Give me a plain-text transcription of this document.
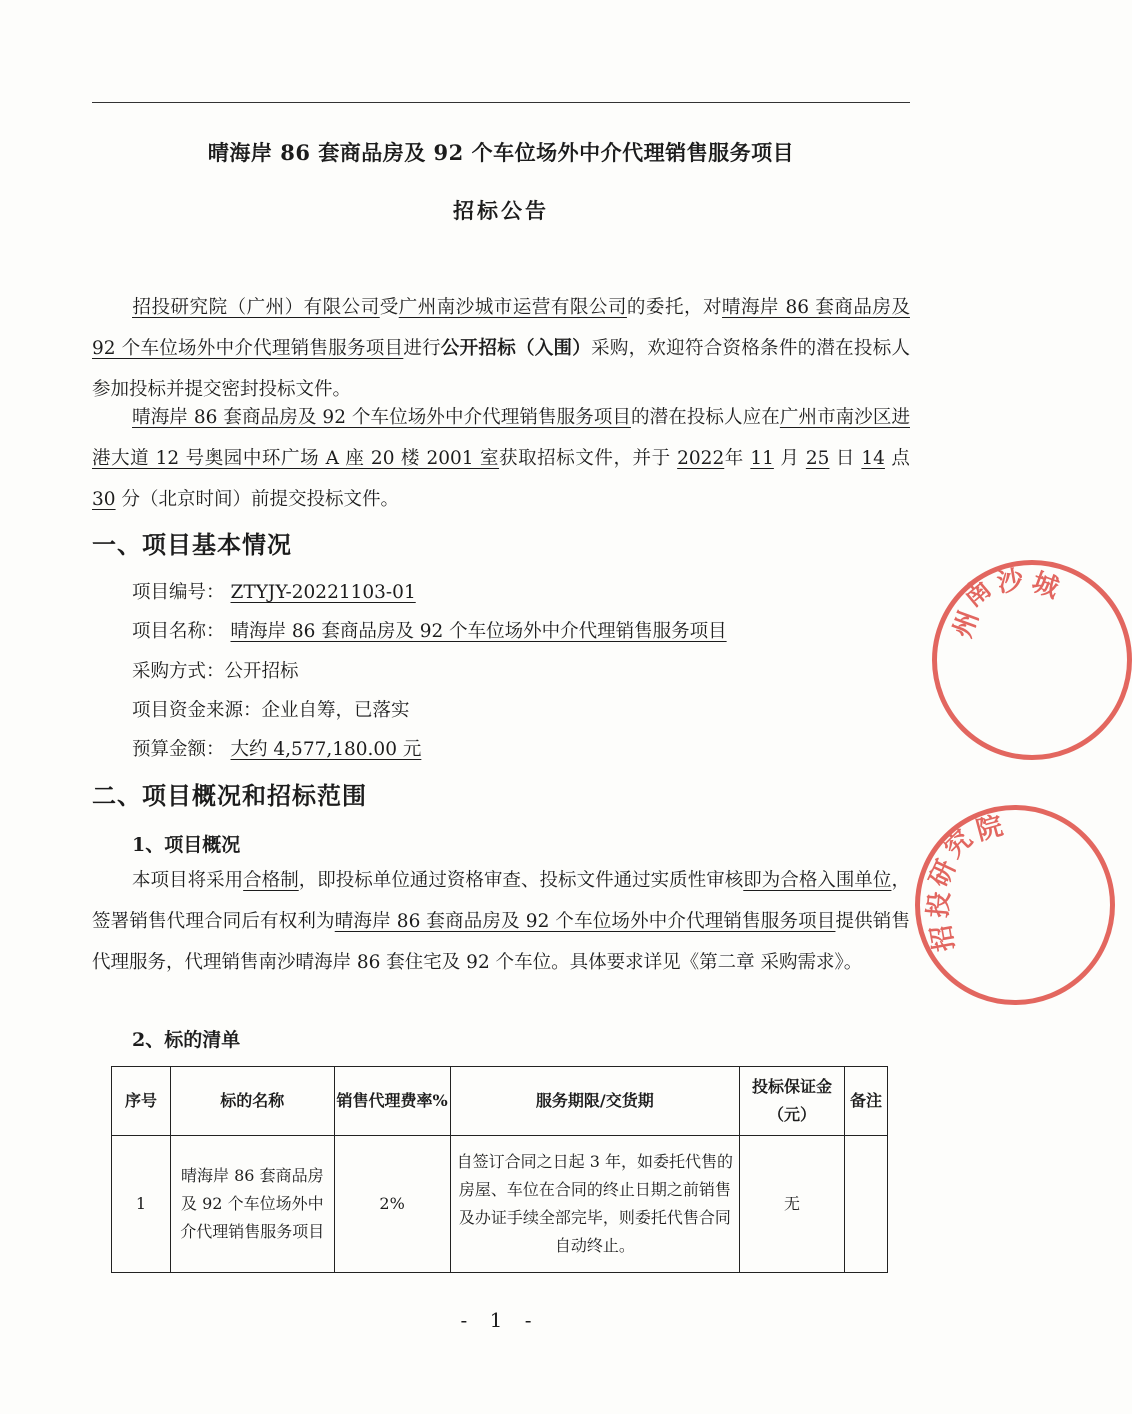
晴海岸 86 套商品房及 92 个车位场外中介代理销售服务项目
招标公告
招投研究院（广州）有限公司受广州南沙城市运营有限公司的委托，对晴海岸 86 套商品房及 92 个车位场外中介代理销售服务项目进行公开招标（入围）采购，欢迎符合资格条件的潜在投标人参加投标并提交密封投标文件。
晴海岸 86 套商品房及 92 个车位场外中介代理销售服务项目的潜在投标人应在广州市南沙区进港大道 12 号奥园中环广场 A 座 20 楼 2001 室获取招标文件，并于 2022年 11 月 25 日 14 点 30 分（北京时间）前提交投标文件。
一、项目基本情况
项目编号： ZTYJY-20221103-01
项目名称： 晴海岸 86 套商品房及 92 个车位场外中介代理销售服务项目
采购方式：公开招标
项目资金来源：企业自筹，已落实
预算金额： 大约 4,577,180.00 元
二、项目概况和招标范围
1、项目概况
本项目将采用合格制，即投标单位通过资格审查、投标文件通过实质性审核即为合格入围单位，签署销售代理合同后有权利为晴海岸 86 套商品房及 92 个车位场外中介代理销售服务项目提供销售代理服务，代理销售南沙晴海岸 86 套住宅及 92 个车位。具体要求详见《第二章 采购需求》。
2、标的清单
序号	标的名称	销售代理费率%	服务期限/交货期	投标保证金（元）	备注
1	晴海岸 86 套商品房及 92 个车位场外中介代理销售服务项目	2%	自签订合同之日起 3 年，如委托代售的房屋、车位在合同的终止日期之前销售及办证手续全部完毕，则委托代售合同自动终止。	无	
- 1 -
州
南
沙 城
招
投
研
究
院
